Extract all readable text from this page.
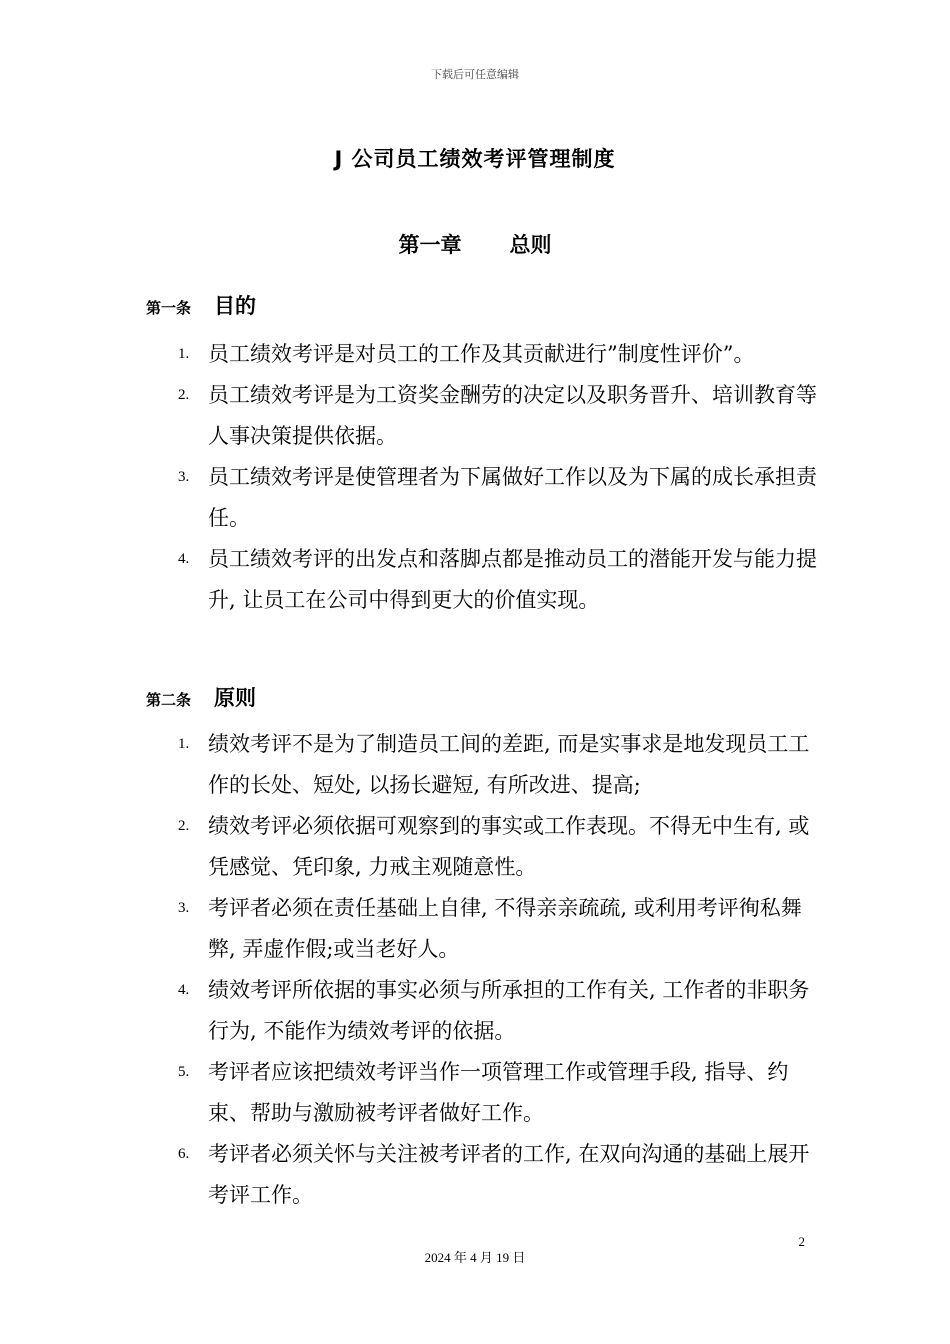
下载后可任意编辑
J 公司员工绩效考评管理制度
第一章 总则
第一条	目的
1. 员工绩效考评是对员工的工作及其贡献进行”制度性评价”。
2. 员工绩效考评是为工资奖金酬劳的决定以及职务晋升、培训教育等人事决策提供依据。
3. 员工绩效考评是使管理者为下属做好工作以及为下属的成长承担责任。
4. 员工绩效考评的出发点和落脚点都是推动员工的潜能开发与能力提升, 让员工在公司中得到更大的价值实现。
第二条	原则
1. 绩效考评不是为了制造员工间的差距, 而是实事求是地发现员工工作的长处、短处, 以扬长避短, 有所改进、提高;
2. 绩效考评必须依据可观察到的事实或工作表现。不得无中生有, 或凭感觉、凭印象, 力戒主观随意性。
3. 考评者必须在责任基础上自律, 不得亲亲疏疏, 或利用考评徇私舞弊, 弄虚作假;或当老好人。
4. 绩效考评所依据的事实必须与所承担的工作有关, 工作者的非职务行为, 不能作为绩效考评的依据。
5. 考评者应该把绩效考评当作一项管理工作或管理手段, 指导、约束、帮助与激励被考评者做好工作。
6. 考评者必须关怀与关注被考评者的工作, 在双向沟通的基础上展开考评工作。
2
2024 年 4 月 19 日
